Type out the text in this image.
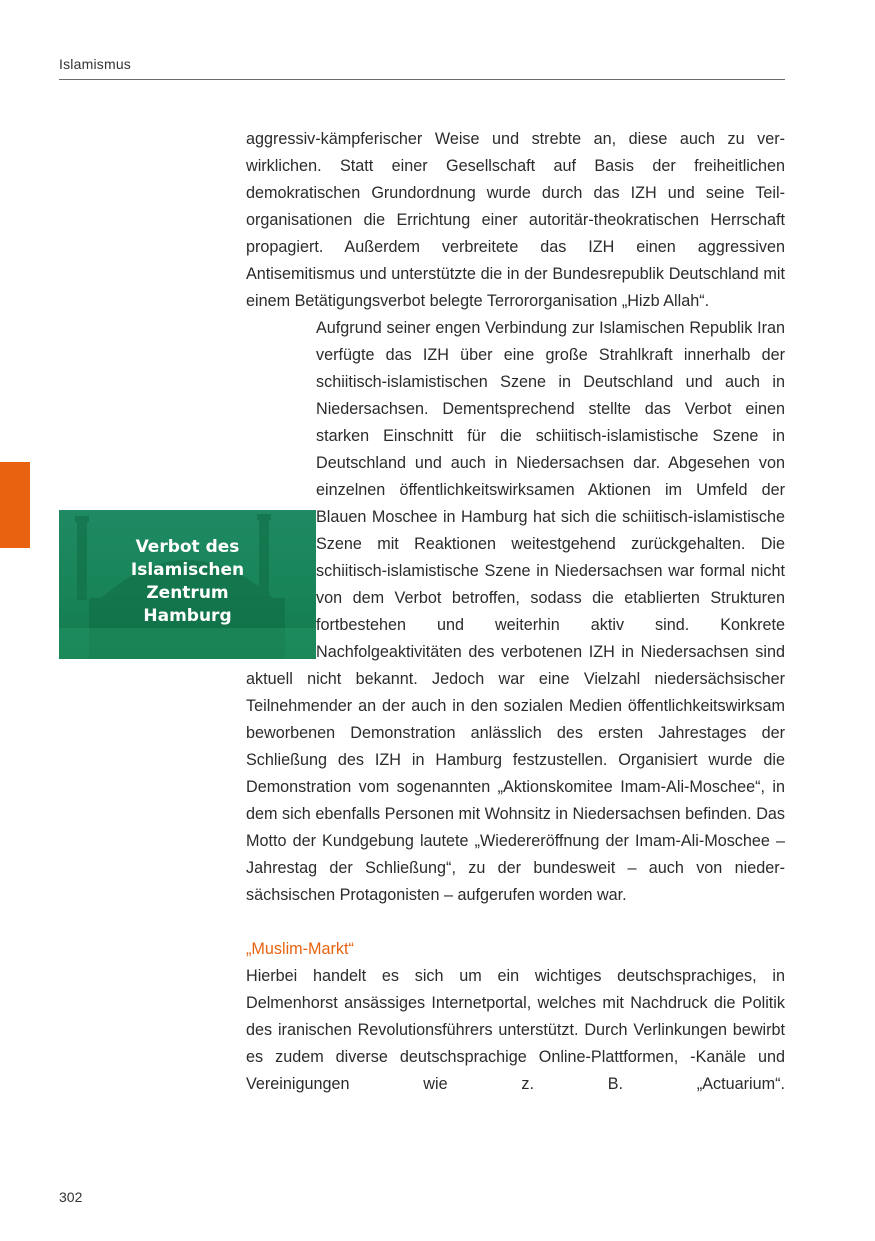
Islamismus
Verbot des
Islamischen
Zentrum
Hamburg

aggressiv-kämpferischer Weise und strebte an, diese auch zu verwirklichen. Statt einer Gesellschaft auf Basis der freiheitlichen demokratischen Grundordnung wurde durch das IZH und seine Teilorganisationen die Errichtung einer autoritär-theokratischen Herrschaft propagiert. Außerdem verbreitete das IZH einen aggressiven Antisemitismus und unterstützte die in der Bundesrepublik Deutschland mit einem Betätigungsverbot belegte Terrororganisation „Hizb Allah“.

Aufgrund seiner engen Verbindung zur Islamischen Republik Iran verfügte das IZH über eine große Strahlkraft innerhalb der schiitisch-islamistischen Szene in Deutschland und auch in Niedersachsen. Dementsprechend stellte das Verbot einen starken Einschnitt für die schiitisch-islamistische Szene in Deutschland und auch in Niedersachsen dar. Abgesehen von einzelnen öffentlichkeitswirksamen Aktionen im Umfeld der Blauen Moschee in Hamburg hat sich die schiitisch-islamistische Szene mit Reaktionen weitestgehend zurückgehalten. Die schiitisch-islamistische Szene in Niedersachsen war formal nicht von dem Verbot betroffen, sodass die etablierten Strukturen fortbestehen und weiterhin aktiv sind. Konkrete Nachfolgeaktivitäten des verbotenen IZH in Niedersachsen sind aktuell nicht bekannt. Jedoch war eine Vielzahl niedersächsischer Teilnehmender an der auch in den sozialen Medien öffentlichkeitswirksam beworbenen Demonstration anlässlich des ersten Jahrestages der Schließung des IZH in Hamburg festzustellen. Organisiert wurde die Demonstration vom sogenannten „Aktionskomitee Imam-Ali-Moschee“, in dem sich ebenfalls Personen mit Wohnsitz in Niedersachsen befinden. Das Motto der Kundgebung lautete „Wiedereröffnung der Imam-Ali-Moschee – Jahrestag der Schließung“, zu der bundesweit – auch von niedersächsischen Protagonisten – aufgerufen worden war.

„Muslim-Markt“

Hierbei handelt es sich um ein wichtiges deutschsprachiges, in Delmenhorst ansässiges Internetportal, welches mit Nachdruck die Politik des iranischen Revolutionsführers unterstützt. Durch Verlinkungen bewirbt es zudem diverse deutschsprachige Online-Plattformen, -Kanäle und Vereinigungen wie z. B. „Actuarium“.

302
